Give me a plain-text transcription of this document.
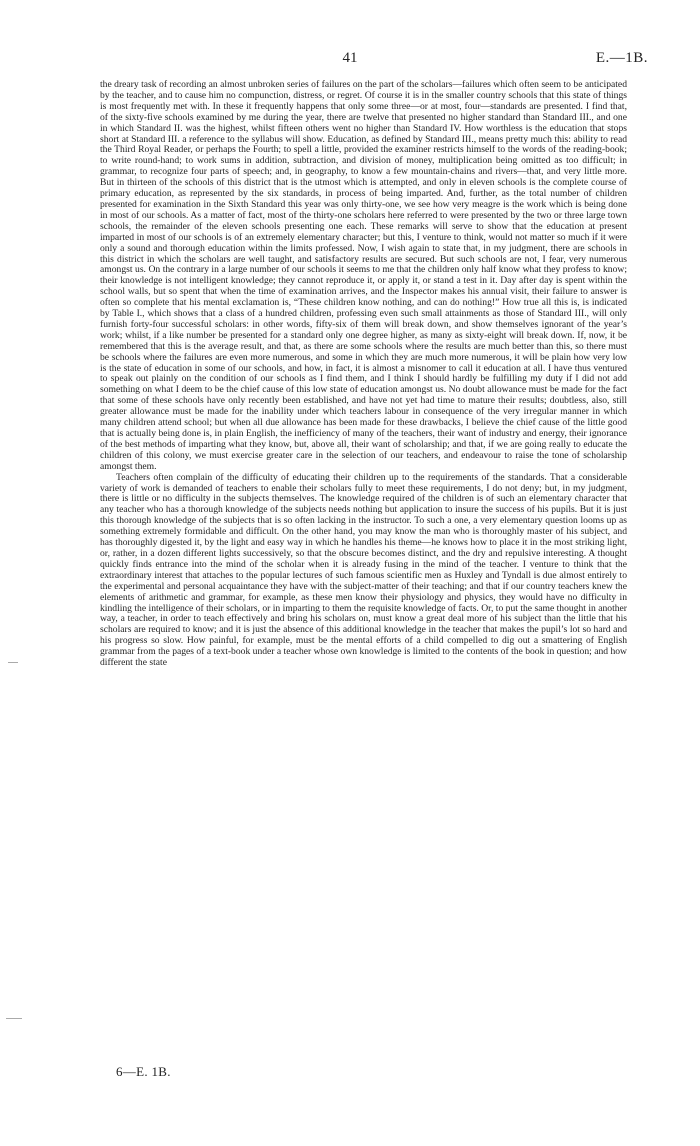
41	E.—1B.

the dreary task of recording an almost unbroken series of failures on the part of the scholars—failures which often seem to be anticipated by the teacher, and to cause him no compunction, distress, or regret. Of course it is in the smaller country schools that this state of things is most frequently met with. In these it frequently happens that only some three—or at most, four—standards are presented. I find that, of the sixty-five schools examined by me during the year, there are twelve that presented no higher standard than Standard III., and one in which Standard II. was the highest, whilst fifteen others went no higher than Standard IV. How worthless is the education that stops short at Standard III. a reference to the syllabus will show. Education, as defined by Standard III., means pretty much this: ability to read the Third Royal Reader, or perhaps the Fourth; to spell a little, provided the examiner restricts himself to the words of the reading-book; to write round-hand; to work sums in addition, subtraction, and division of money, multiplication being omitted as too difficult; in grammar, to recognize four parts of speech; and, in geography, to know a few mountain-chains and rivers—that, and very little more. But in thirteen of the schools of this district that is the utmost which is attempted, and only in eleven schools is the complete course of primary education, as represented by the six standards, in process of being imparted. And, further, as the total number of children presented for examination in the Sixth Standard this year was only thirty-one, we see how very meagre is the work which is being done in most of our schools. As a matter of fact, most of the thirty-one scholars here referred to were presented by the two or three large town schools, the remainder of the eleven schools presenting one each. These remarks will serve to show that the education at present imparted in most of our schools is of an extremely elementary character; but this, I venture to think, would not matter so much if it were only a sound and thorough education within the limits professed. Now, I wish again to state that, in my judgment, there are schools in this district in which the scholars are well taught, and satisfactory results are secured. But such schools are not, I fear, very numerous amongst us. On the contrary in a large number of our schools it seems to me that the children only half know what they profess to know; their knowledge is not intelligent knowledge; they cannot reproduce it, or apply it, or stand a test in it. Day after day is spent within the school walls, but so spent that when the time of examination arrives, and the Inspector makes his annual visit, their failure to answer is often so complete that his mental exclamation is, “These children know nothing, and can do nothing!” How true all this is, is indicated by Table I., which shows that a class of a hundred children, professing even such small attainments as those of Standard III., will only furnish forty-four successful scholars: in other words, fifty-six of them will break down, and show themselves ignorant of the year’s work; whilst, if a like number be presented for a standard only one degree higher, as many as sixty-eight will break down. If, now, it be remembered that this is the average result, and that, as there are some schools where the results are much better than this, so there must be schools where the failures are even more numerous, and some in which they are much more numerous, it will be plain how very low is the state of education in some of our schools, and how, in fact, it is almost a misnomer to call it education at all. I have thus ventured to speak out plainly on the condition of our schools as I find them, and I think I should hardly be fulfilling my duty if I did not add something on what I deem to be the chief cause of this low state of education amongst us. No doubt allowance must be made for the fact that some of these schools have only recently been established, and have not yet had time to mature their results; doubtless, also, still greater allowance must be made for the inability under which teachers labour in consequence of the very irregular manner in which many children attend school; but when all due allowance has been made for these drawbacks, I believe the chief cause of the little good that is actually being done is, in plain English, the inefficiency of many of the teachers, their want of industry and energy, their ignorance of the best methods of imparting what they know, but, above all, their want of scholarship; and that, if we are going really to educate the children of this colony, we must exercise greater care in the selection of our teachers, and endeavour to raise the tone of scholarship amongst them.

Teachers often complain of the difficulty of educating their children up to the requirements of the standards. That a considerable variety of work is demanded of teachers to enable their scholars fully to meet these requirements, I do not deny; but, in my judgment, there is little or no difficulty in the subjects themselves. The knowledge required of the children is of such an elementary character that any teacher who has a thorough knowledge of the subjects needs nothing but application to insure the success of his pupils. But it is just this thorough knowledge of the subjects that is so often lacking in the instructor. To such a one, a very elementary question looms up as something extremely formidable and difficult. On the other hand, you may know the man who is thoroughly master of his subject, and has thoroughly digested it, by the light and easy way in which he handles his theme—he knows how to place it in the most striking light, or, rather, in a dozen different lights successively, so that the obscure becomes distinct, and the dry and repulsive interesting. A thought quickly finds entrance into the mind of the scholar when it is already fusing in the mind of the teacher. I venture to think that the extraordinary interest that attaches to the popular lectures of such famous scientific men as Huxley and Tyndall is due almost entirely to the experimental and personal acquaintance they have with the subject-matter of their teaching; and that if our country teachers knew the elements of arithmetic and grammar, for example, as these men know their physiology and physics, they would have no difficulty in kindling the intelligence of their scholars, or in imparting to them the requisite knowledge of facts. Or, to put the same thought in another way, a teacher, in order to teach effectively and bring his scholars on, must know a great deal more of his subject than the little that his scholars are required to know; and it is just the absence of this additional knowledge in the teacher that makes the pupil’s lot so hard and his progress so slow. How painful, for example, must be the mental efforts of a child compelled to dig out a smattering of English grammar from the pages of a text-book under a teacher whose own knowledge is limited to the contents of the book in question; and how different the state

6—E. 1B.
